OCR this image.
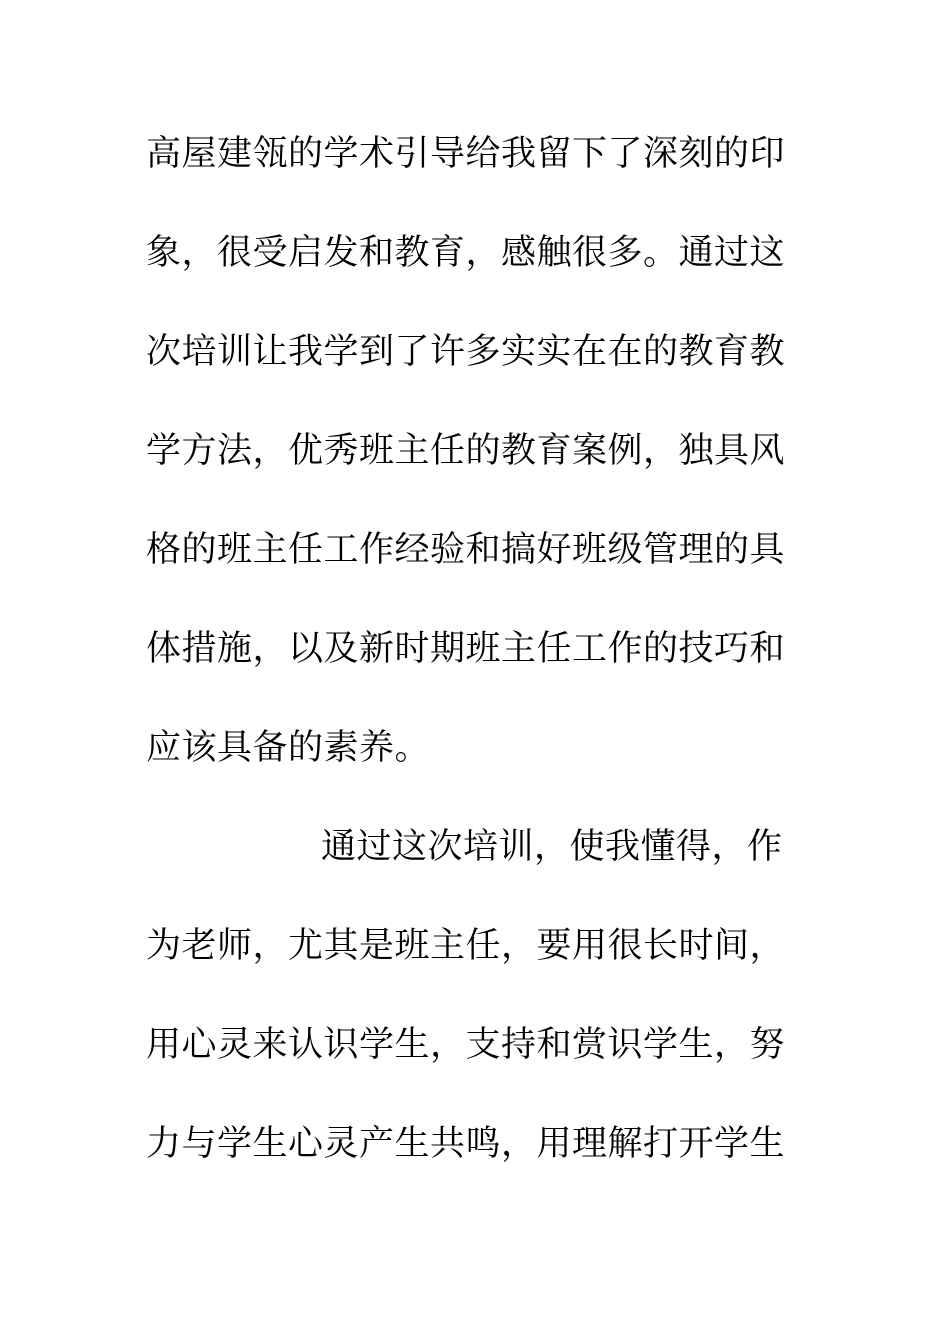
高屋建瓴的学术引导给我留下了深刻的印
象，很受启发和教育，感触很多。通过这
次培训让我学到了许多实实在在的教育教
学方法，优秀班主任的教育案例，独具风
格的班主任工作经验和搞好班级管理的具
体措施，以及新时期班主任工作的技巧和
应该具备的素养。
通过这次培训，使我懂得，作
为老师，尤其是班主任，要用很长时间，
用心灵来认识学生，支持和赏识学生，努
力与学生心灵产生共鸣，用理解打开学生
